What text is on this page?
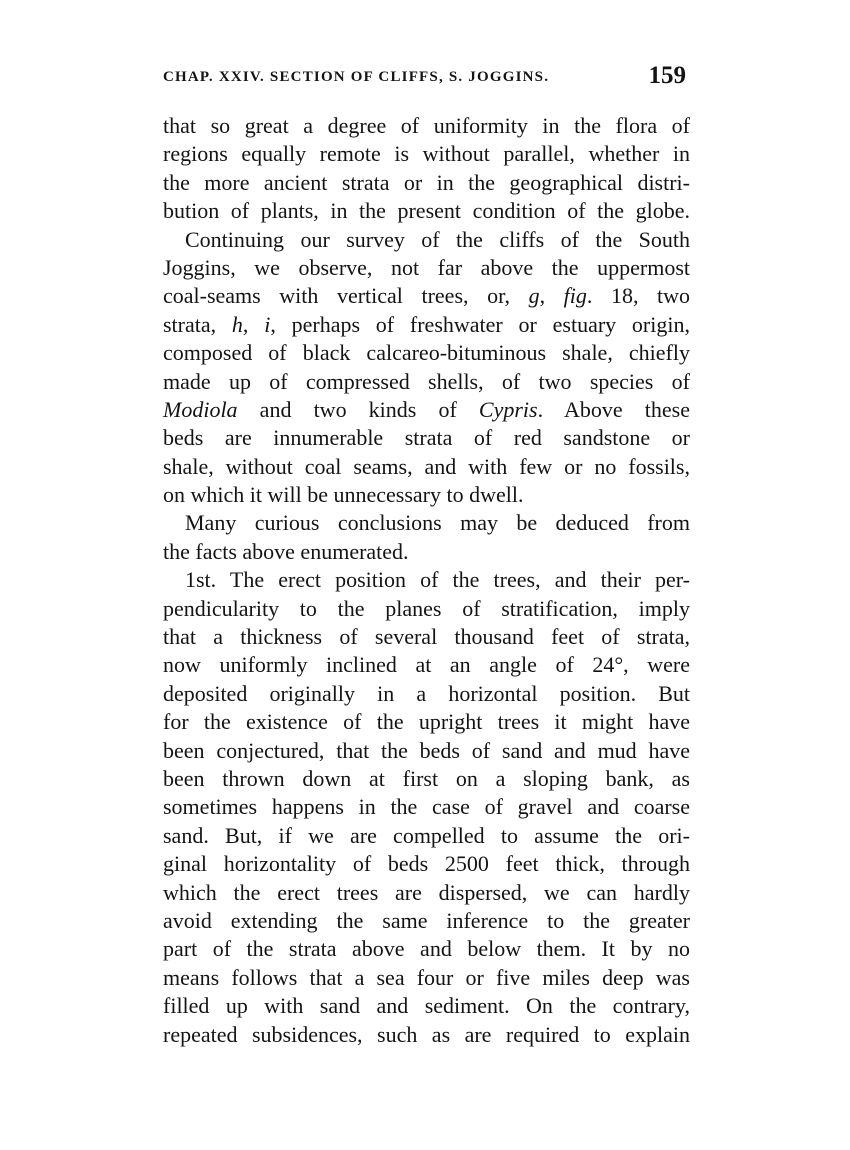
CHAP. XXIV. SECTION OF CLIFFS, S. JOGGINS.	159
that so great a degree of uniformity in the flora of
regions equally remote is without parallel, whether in
the more ancient strata or in the geographical distri-
bution of plants, in the present condition of the globe.
Continuing our survey of the cliffs of the South
Joggins, we observe, not far above the uppermost
coal-seams with vertical trees, or, g, fig. 18, two
strata, h, i, perhaps of freshwater or estuary origin,
composed of black calcareo-bituminous shale, chiefly
made up of compressed shells, of two species of
Modiola and two kinds of Cypris. Above these
beds are innumerable strata of red sandstone or
shale, without coal seams, and with few or no fossils,
on which it will be unnecessary to dwell.
Many curious conclusions may be deduced from
the facts above enumerated.
1st. The erect position of the trees, and their per-
pendicularity to the planes of stratification, imply
that a thickness of several thousand feet of strata,
now uniformly inclined at an angle of 24°, were
deposited originally in a horizontal position. But
for the existence of the upright trees it might have
been conjectured, that the beds of sand and mud have
been thrown down at first on a sloping bank, as
sometimes happens in the case of gravel and coarse
sand. But, if we are compelled to assume the ori-
ginal horizontality of beds 2500 feet thick, through
which the erect trees are dispersed, we can hardly
avoid extending the same inference to the greater
part of the strata above and below them. It by no
means follows that a sea four or five miles deep was
filled up with sand and sediment. On the contrary,
repeated subsidences, such as are required to explain
